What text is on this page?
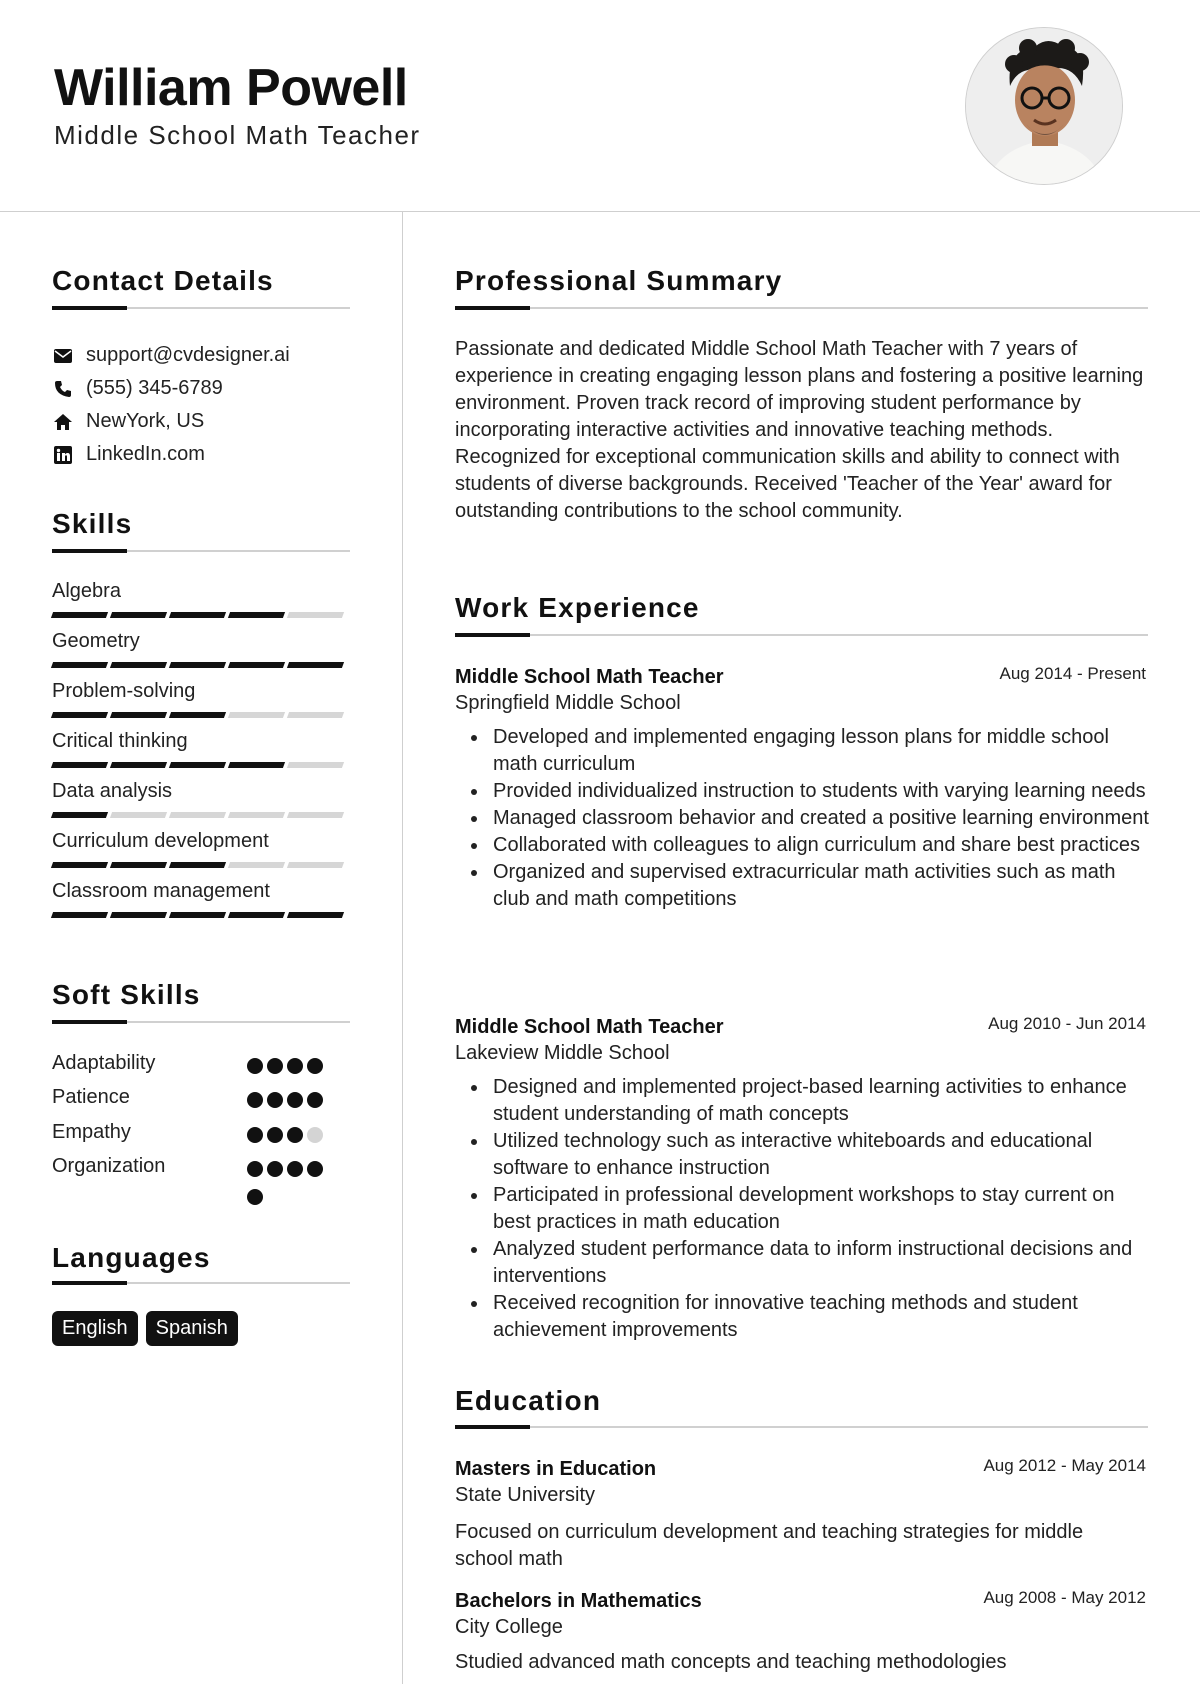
William Powell
Middle School Math Teacher
Contact Details
support@cvdesigner.ai
(555) 345-6789
NewYork, US
LinkedIn.com
Skills
Algebra
Geometry
Problem-solving
Critical thinking
Data analysis
Curriculum development
Classroom management
Soft Skills
Adaptability
Patience
Empathy
Organization
Languages
English	Spanish
Professional Summary
Passionate and dedicated Middle School Math Teacher with 7 years of experience in creating engaging lesson plans and fostering a positive learning environment. Proven track record of improving student performance by incorporating interactive activities and innovative teaching methods. Recognized for exceptional communication skills and ability to connect with students of diverse backgrounds. Received 'Teacher of the Year' award for outstanding contributions to the school community.
Work Experience
Middle School Math Teacher	Aug 2014 - Present
Springfield Middle School
Developed and implemented engaging lesson plans for middle school math curriculum
Provided individualized instruction to students with varying learning needs
Managed classroom behavior and created a positive learning environment
Collaborated with colleagues to align curriculum and share best practices
Organized and supervised extracurricular math activities such as math club and math competitions
Middle School Math Teacher	Aug 2010 - Jun 2014
Lakeview Middle School
Designed and implemented project-based learning activities to enhance student understanding of math concepts
Utilized technology such as interactive whiteboards and educational software to enhance instruction
Participated in professional development workshops to stay current on best practices in math education
Analyzed student performance data to inform instructional decisions and interventions
Received recognition for innovative teaching methods and student achievement improvements
Education
Masters in Education	Aug 2012 - May 2014
State University
Focused on curriculum development and teaching strategies for middle school math
Bachelors in Mathematics	Aug 2008 - May 2012
City College
Studied advanced math concepts and teaching methodologies
